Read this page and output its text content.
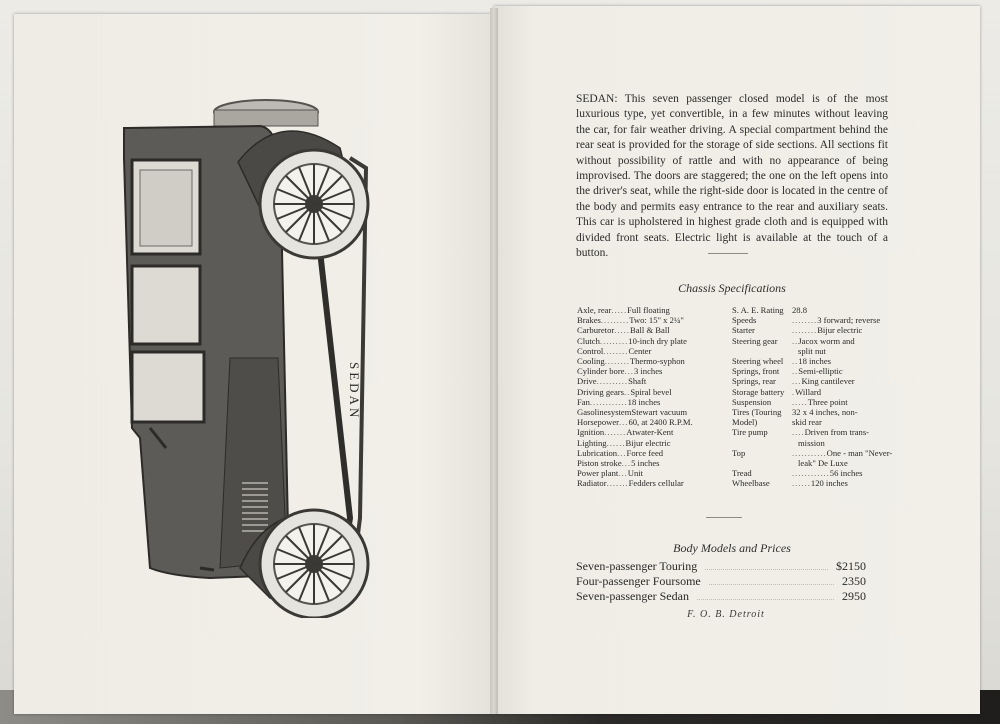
SEDAN
SEDAN: This seven passenger closed model is of the most luxurious type, yet convertible, in a few minutes without leaving the car, for fair weather driving. A special compartment behind the rear seat is provided for the storage of side sections. All sections fit without possibility of rattle and with no appearance of being improvised. The doors are staggered; the one on the left opens into the driver's seat, while the right-side door is located in the centre of the body and permits easy entrance to the rear and auxiliary seats. This car is upholstered in highest grade cloth and is equipped with divided front seats. Electric light is available at the touch of a button.
Chassis Specifications
Axle, rear ..... Full floating
Brakes ......... Two: 15" x 2¼"
Carburetor ..... Ball & Ball
Clutch ......... 10-inch dry plate
Control ........ Center
Cooling ........ Thermo-syphon
Cylinder bore ... 3 inches
Drive .......... Shaft
Driving gears .. Spiral bevel
Fan ............ 18 inches
Gasolinesystem Stewart vacuum
Horsepower ... 60, at 2400 R.P.M.
Ignition ....... Atwater-Kent
Lighting ...... Bijur electric
Lubrication ... Force feed
Piston stroke ... 5 inches
Power plant ... Unit
Radiator ....... Fedders cellular
S. A. E. Rating 28.8
Speeds	........ 3 forward; reverse
Starter	........ Bijur electric
Steering gear	.. Jacox worm and
split nut
Steering wheel	.. 18 inches
Springs, front	.. Semi-elliptic
Springs, rear	... King cantilever
Storage battery . Willard
Suspension	..... Three point
Tires (Touring	32 x 4 inches, non-
Model)	skid rear
Tire pump	.... Driven from trans-
mission
Top	........... One - man "Never-
leak" De Luxe
Tread	............ 56 inches
Wheelbase	...... 120 inches
Body Models and Prices
Seven-passenger Touring	$2150
Four-passenger Foursome	2350
Seven-passenger Sedan	2950
F. O. B. Detroit
